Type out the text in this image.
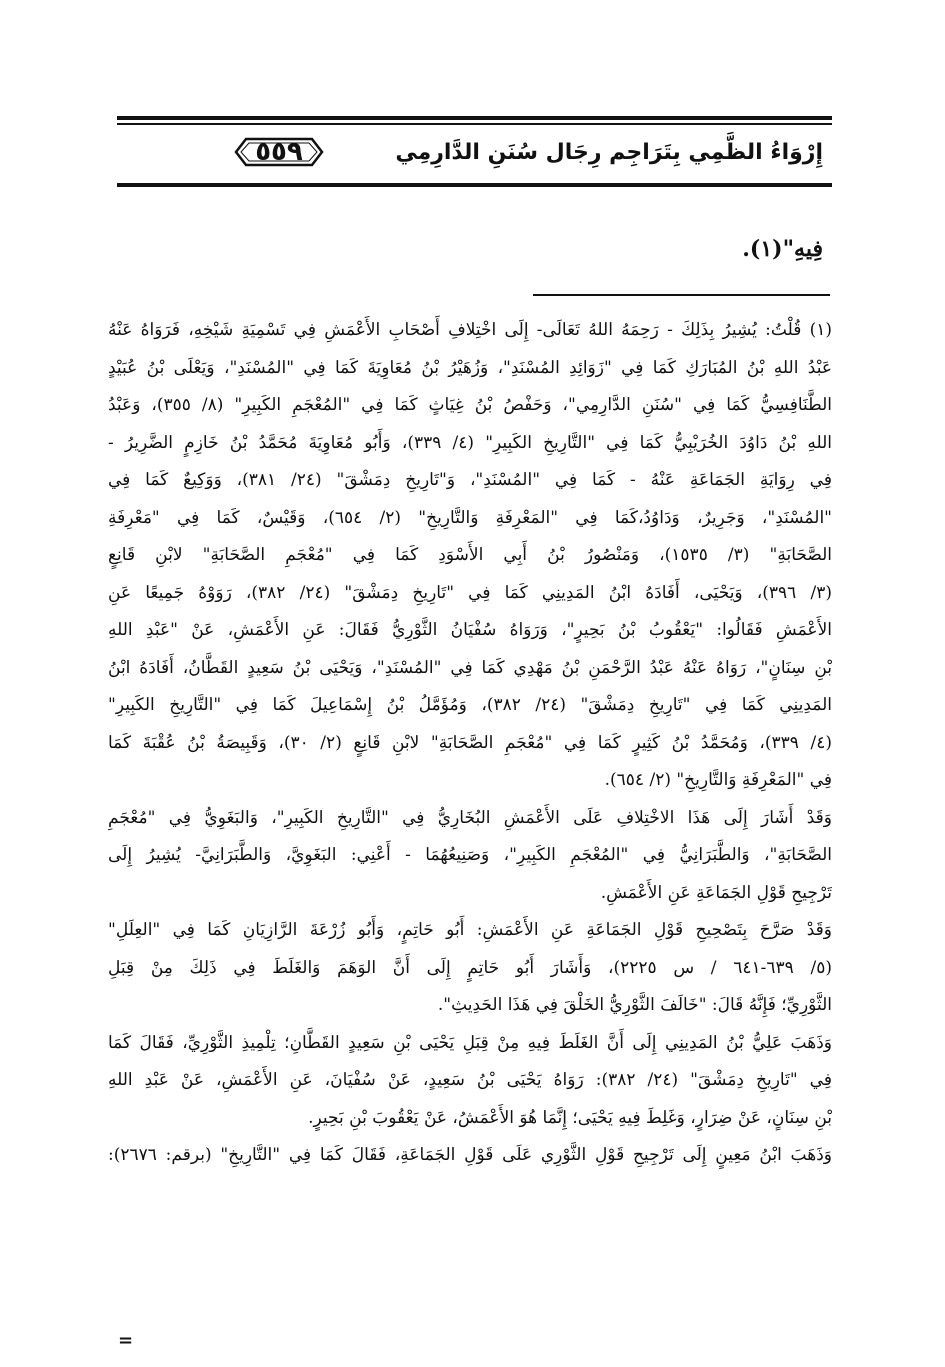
٥٥٩	إِرْوَاءُ الظَّمِي بِتَرَاجِم رِجَال سُنَنِ الدَّارِمِي
فِيهِ"(١).
(١) قُلْتُ: يُشِيرُ بِذَلِكَ - رَحِمَهُ اللهُ تَعَالَى- إِلَى اخْتِلافِ أَصْحَابِ الأَعْمَشِ فِي تَسْمِيَةِ شَيْخِهِ، فَرَوَاهُ عَنْهُ
عَبْدُ اللهِ بْنُ المُبَارَكِ كَمَا فِي "زَوَائِدِ المُسْنَدِ"، وَزُهَيْرُ بْنُ مُعَاوِيَةَ كَمَا فِي "المُسْنَدِ"، وَيَعْلَى بْنُ عُبَيْدٍ
الطَّنَافِسِيُّ كَمَا فِي "سُنَنِ الدَّارِمِي"، وَحَفْصُ بْنُ غِيَاثٍ كَمَا فِي "المُعْجَمِ الكَبِيرِ" (٨/ ٣٥٥)، وَعَبْدُ
اللهِ بْنُ دَاوُدَ الخُرَيْبِيُّ كَمَا فِي "التَّارِيخِ الكَبِيرِ" (٤/ ٣٣٩)، وَأَبُو مُعَاوِيَةَ مُحَمَّدُ بْنُ خَازِمٍ الضَّرِيرُ -
فِي رِوَايَةِ الجَمَاعَةِ عَنْهُ - كَمَا فِي "المُسْنَدِ"، وَ"تَارِيخِ دِمَشْقَ" (٢٤/ ٣٨١)، وَوَكِيعٌ كَمَا فِي
"المُسْنَدِ"، وَجَرِيرٌ، وَدَاوُدُ،كَمَا فِي "المَعْرِفَةِ وَالتَّارِيخِ" (٢/ ٦٥٤)، وَقَيْسٌ، كَمَا فِي "مَعْرِفَةِ
الصَّحَابَةِ" (٣/ ١٥٣٥)، وَمَنْصُورُ بْنُ أَبِي الأَسْوَدِ كَمَا فِي "مُعْجَمِ الصَّحَابَةِ" لابْنِ قَانِعٍ
(٣/ ٣٩٦)، وَيَحْيَى، أَفَادَهُ ابْنُ المَدِينِي كَمَا فِي "تَارِيخِ دِمَشْقَ" (٢٤/ ٣٨٢)، رَوَوْهُ جَمِيعًا عَنِ
الأَعْمَشِ فَقَالُوا: "يَعْقُوبُ بْنُ بَحِيرٍ"، وَرَوَاهُ سُفْيَانُ الثَّوْرِيُّ فَقَالَ: عَنِ الأَعْمَشِ، عَنْ "عَبْدِ اللهِ
بْنِ سِنَانٍ"، رَوَاهُ عَنْهُ عَبْدُ الرَّحْمَنِ بْنُ مَهْدِي كَمَا فِي "المُسْنَدِ"، وَيَحْيَى بْنُ سَعِيدٍ القَطَّانُ، أَفَادَهُ ابْنُ
المَدِينِي كَمَا فِي "تَارِيخِ دِمَشْقَ" (٢٤/ ٣٨٢)، وَمُؤَمَّلُ بْنُ إِسْمَاعِيلَ كَمَا فِي "التَّارِيخِ الكَبِيرِ"
(٤/ ٣٣٩)، وَمُحَمَّدُ بْنُ كَثِيرٍ كَمَا فِي "مُعْجَمِ الصَّحَابَةِ" لابْنِ قَانِعٍ (٢/ ٣٠)، وَقَبِيصَةُ بْنُ عُقْبَةَ كَمَا
فِي "المَعْرِفَةِ وَالتَّارِيخِ" (٢/ ٦٥٤).
وَقَدْ أَشَارَ إِلَى هَذَا الاخْتِلافِ عَلَى الأَعْمَشِ البُخَارِيُّ فِي "التَّارِيخِ الكَبِيرِ"، وَالبَغَوِيُّ فِي "مُعْجَمِ
الصَّحَابَةِ"، وَالطَّبَرَانِيُّ فِي "المُعْجَمِ الكَبِيرِ"، وَصَنِيعُهُمَا - أَعْنِي: البَغَوِيَّ، وَالطَّبَرَانِيَّ- يُشِيرُ إِلَى
تَرْجِيحِ قَوْلِ الجَمَاعَةِ عَنِ الأَعْمَشِ.
وَقَدْ صَرَّحَ بِتَصْحِيحِ قَوْلِ الجَمَاعَةِ عَنِ الأَعْمَشِ: أَبُو حَاتِمٍ، وَأَبُو زُرْعَةَ الرَّازِيَانِ كَمَا فِي "العِلَلِ"
(٥/ ٦٣٩-٦٤١ / س ٢٢٢٥)، وَأَشَارَ أَبُو حَاتِمٍ إِلَى أَنَّ الوَهَمَ وَالغَلَطَ فِي ذَلِكَ مِنْ قِبَلِ
الثَّوْرِيِّ؛ فَإِنَّهُ قَالَ: "خَالَفَ الثَّوْرِيُّ الخَلْقَ فِي هَذَا الحَدِيثِ".
وَذَهَبَ عَلِيُّ بْنُ المَدِينِي إِلَى أَنَّ الغَلَطَ فِيهِ مِنْ قِبَلِ يَحْيَى بْنِ سَعِيدٍ القَطَّانِ؛ تِلْمِيذِ الثَّوْرِيِّ، فَقَالَ كَمَا
فِي "تَارِيخِ دِمَشْقَ" (٢٤/ ٣٨٢): رَوَاهُ يَحْيَى بْنُ سَعِيدٍ، عَنْ سُفْيَانَ، عَنِ الأَعْمَشِ، عَنْ عَبْدِ اللهِ
بْنِ سِنَانٍ، عَنْ ضِرَارٍ، وَغَلِطَ فِيهِ يَحْيَى؛ إِنَّمَا هُوَ الأَعْمَشُ، عَنْ يَعْقُوبَ بْنِ بَحِيرٍ.
وَذَهَبَ ابْنُ مَعِينٍ إِلَى تَرْجِيحِ قَوْلِ الثَّوْرِي عَلَى قَوْلِ الجَمَاعَةِ، فَقَالَ كَمَا فِي "التَّارِيخِ" (برقم: ٢٦٧٦):
=
